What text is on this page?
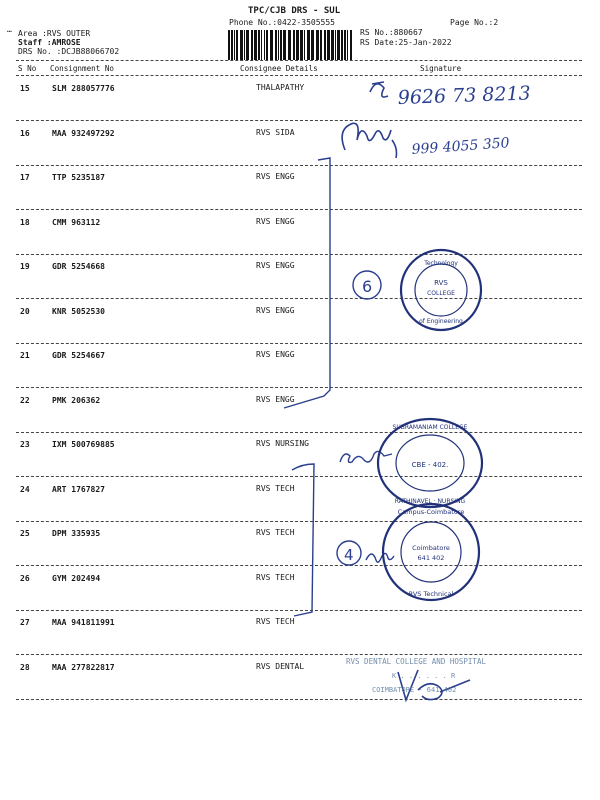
TPC/CJB DRS - SUL
Phone No.:0422-3505555	Page No.:2
… Area :RVS OUTER
Staff :AMROSE
DRS No. :DCJB88066702
RS No.:880667
RS Date:25-Jan-2022
S No Consignment No	Consignee Details	Signature
15	SLM 288057776	THALAPATHY
16	MAA 932497292	RVS SIDA
17	TTP 5235187	RVS ENGG
18	CMM 963112	RVS ENGG
19	GDR 5254668	RVS ENGG
20	KNR 5052530	RVS ENGG
21	GDR 5254667	RVS ENGG
22	PMK 206362	RVS ENGG
23	IXM 500769885	RVS NURSING
24	ART 1767827	RVS TECH
25	DPM 335935	RVS TECH
26	GYM 202494	RVS TECH
27	MAA 941811991	RVS TECH
28	MAA 277822817	RVS DENTAL
9626 73 8213
999 4055 350
6
4
RVS
COLLEGE
Technology
of Engineering
SUBRAMANIAM COLLEGE
CBE - 402.
RATHINAVEL · NURSING
Campus-Coimbatore
Coimbatore
641 402
RVS Technical
RVS DENTAL COLLEGE AND HOSPITAL
K . . . . . . R
COIMBATORE - 641 402
